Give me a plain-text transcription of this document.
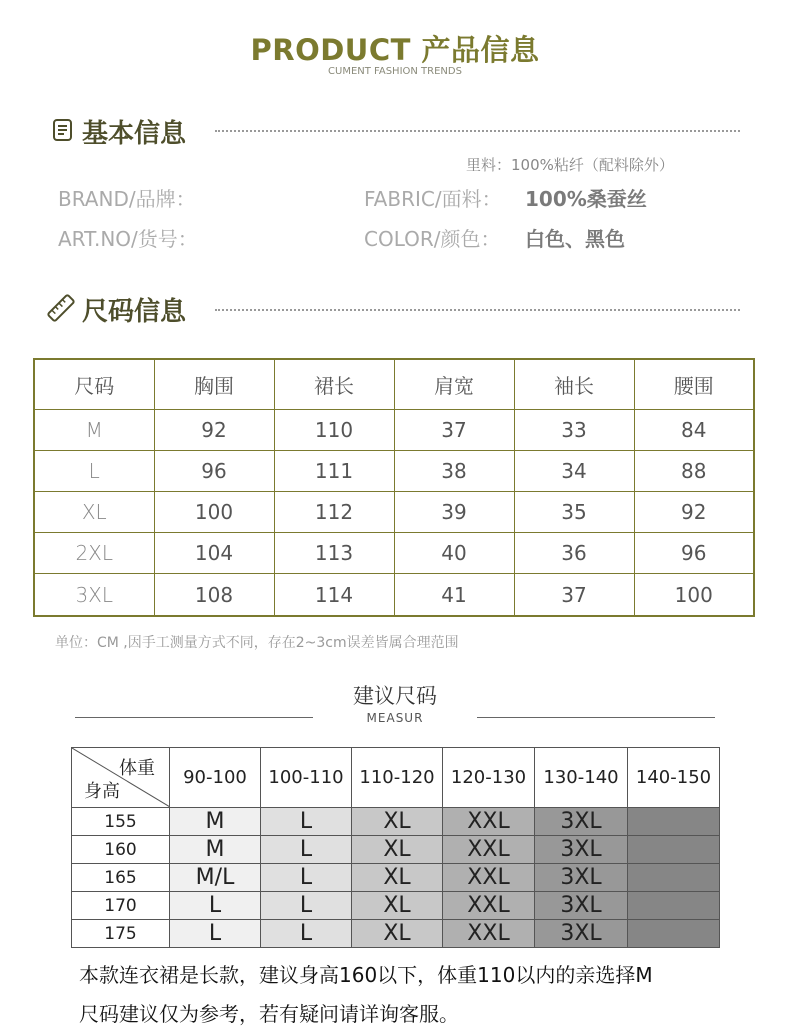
PRODUCT 产品信息
CUMENT FASHION TRENDS
基本信息
里料：100%粘纤（配料除外）
BRAND/品牌：
ART.NO/货号：
FABRIC/面料： 100%桑蚕丝
COLOR/颜色： 白色、黑色
尺码信息
尺码	胸围	裙长	肩宽	袖长	腰围
M	92	110	37	33	84
L	96	111	38	34	88
XL	100	112	39	35	92
2XL	104	113	40	36	96
3XL	108	114	41	37	100
单位：CM ,因手工测量方式不同，存在2~3cm误差皆属合理范围
建议尺码
MEASUR
体重
身高	90-100	100-110	110-120	120-130	130-140	140-150
155	M	L	XL	XXL	3XL	
160	M	L	XL	XXL	3XL	
165	M/L	L	XL	XXL	3XL	
170	L	L	XL	XXL	3XL	
175	L	L	XL	XXL	3XL	
本款连衣裙是长款，建议身高160以下，体重110以内的亲选择M
尺码建议仅为参考，若有疑问请详询客服。
